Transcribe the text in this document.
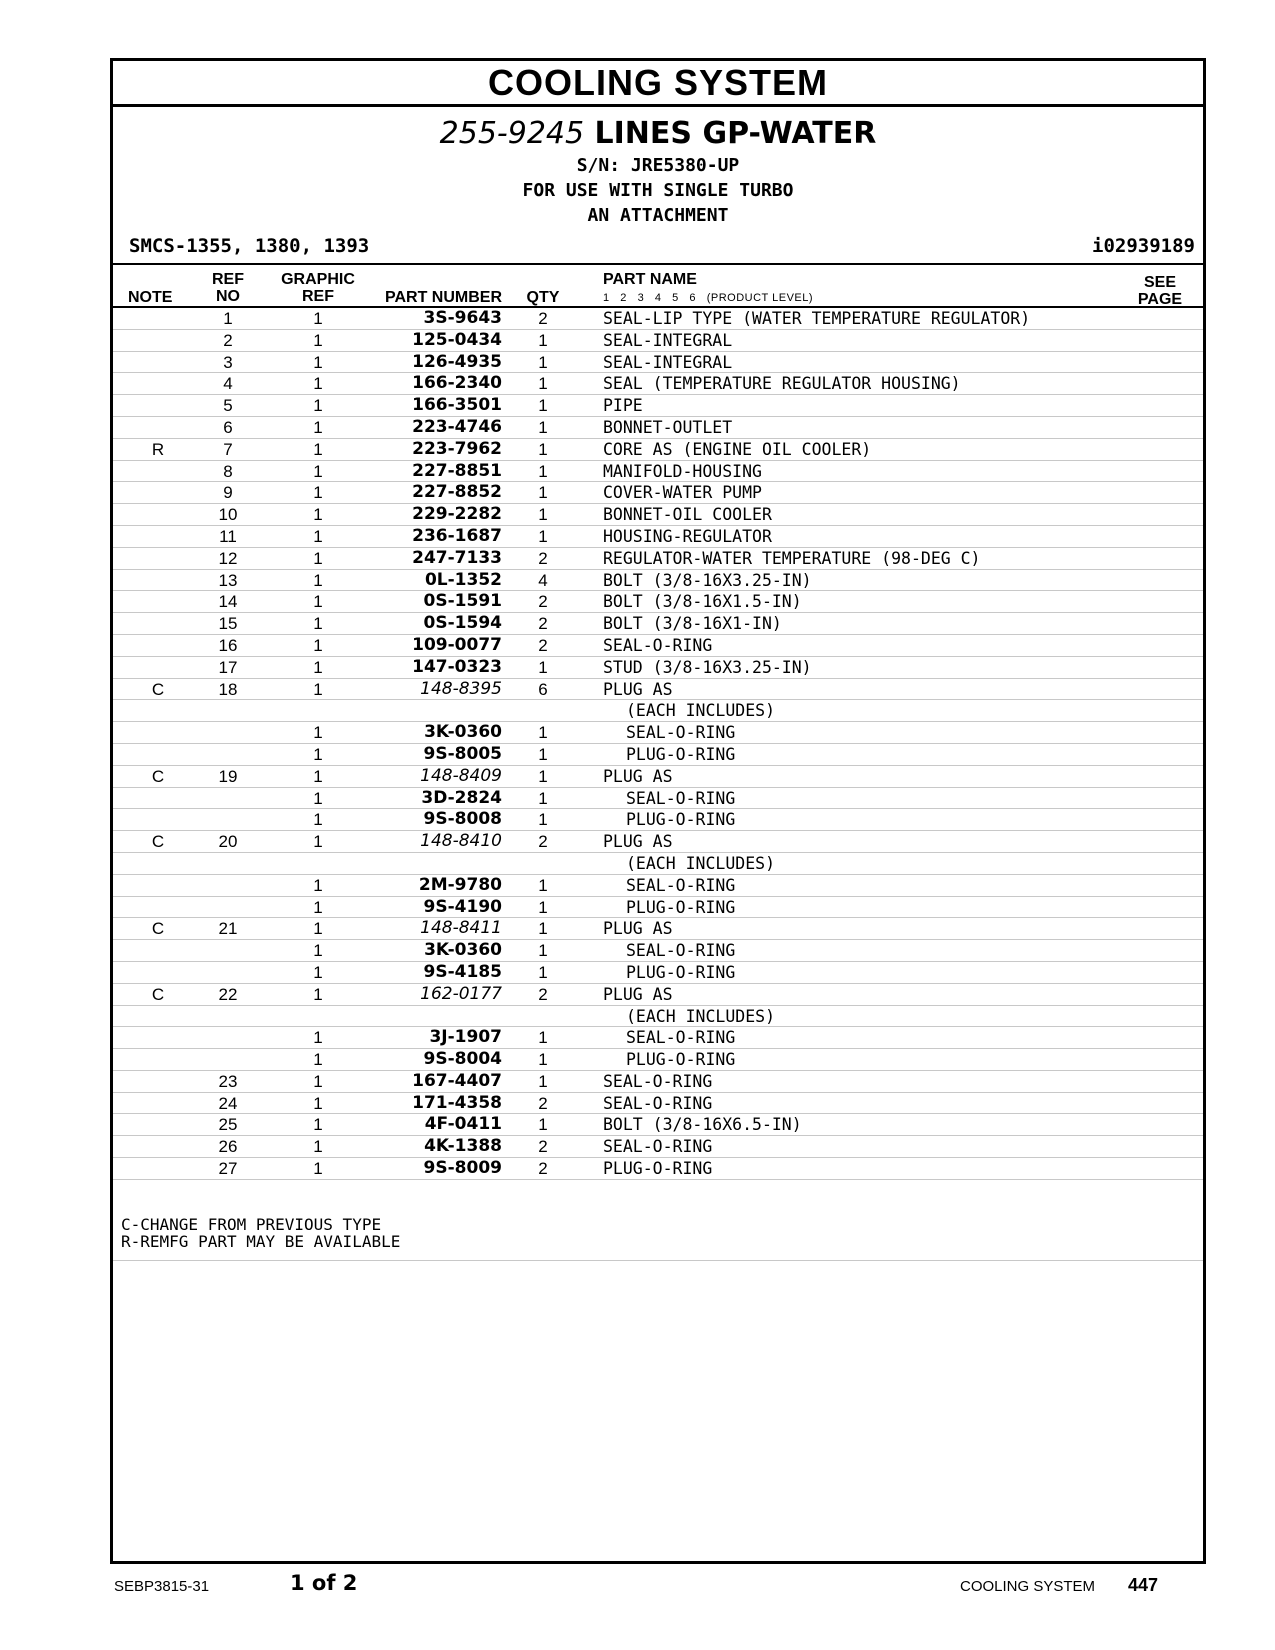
COOLING SYSTEM
255-9245 LINES GP-WATER
S/N: JRE5380-UP
FOR USE WITH SINGLE TURBO
AN ATTACHMENT
SMCS-1355, 1380, 1393	i02939189
NOTE
REF
NO
GRAPHIC
REF	PART NUMBER	QTY
PART NAME
1   2   3   4   5   6   (PRODUCT LEVEL)
SEE
PAGE
1	1	3S-9643	2	SEAL-LIP TYPE (WATER TEMPERATURE REGULATOR)
2	1	125-0434	1	SEAL-INTEGRAL
3	1	126-4935	1	SEAL-INTEGRAL
4	1	166-2340	1	SEAL (TEMPERATURE REGULATOR HOUSING)
5	1	166-3501	1	PIPE
6	1	223-4746	1	BONNET-OUTLET
R	7	1	223-7962	1	CORE AS (ENGINE OIL COOLER)
8	1	227-8851	1	MANIFOLD-HOUSING
9	1	227-8852	1	COVER-WATER PUMP
10	1	229-2282	1	BONNET-OIL COOLER
11	1	236-1687	1	HOUSING-REGULATOR
12	1	247-7133	2	REGULATOR-WATER TEMPERATURE (98-DEG C)
13	1	0L-1352	4	BOLT (3/8-16X3.25-IN)
14	1	0S-1591	2	BOLT (3/8-16X1.5-IN)
15	1	0S-1594	2	BOLT (3/8-16X1-IN)
16	1	109-0077	2	SEAL-O-RING
17	1	147-0323	1	STUD (3/8-16X3.25-IN)
C	18	1	148-8395	6	PLUG AS
(EACH INCLUDES)
1	3K-0360	1	SEAL-O-RING
1	9S-8005	1	PLUG-O-RING
C	19	1	148-8409	1	PLUG AS
1	3D-2824	1	SEAL-O-RING
1	9S-8008	1	PLUG-O-RING
C	20	1	148-8410	2	PLUG AS
(EACH INCLUDES)
1	2M-9780	1	SEAL-O-RING
1	9S-4190	1	PLUG-O-RING
C	21	1	148-8411	1	PLUG AS
1	3K-0360	1	SEAL-O-RING
1	9S-4185	1	PLUG-O-RING
C	22	1	162-0177	2	PLUG AS
(EACH INCLUDES)
1	3J-1907	1	SEAL-O-RING
1	9S-8004	1	PLUG-O-RING
23	1	167-4407	1	SEAL-O-RING
24	1	171-4358	2	SEAL-O-RING
25	1	4F-0411	1	BOLT (3/8-16X6.5-IN)
26	1	4K-1388	2	SEAL-O-RING
27	1	9S-8009	2	PLUG-O-RING
C-CHANGE FROM PREVIOUS TYPE
R-REMFG PART MAY BE AVAILABLE
SEBP3815-31	1 of 2	COOLING SYSTEM 447
